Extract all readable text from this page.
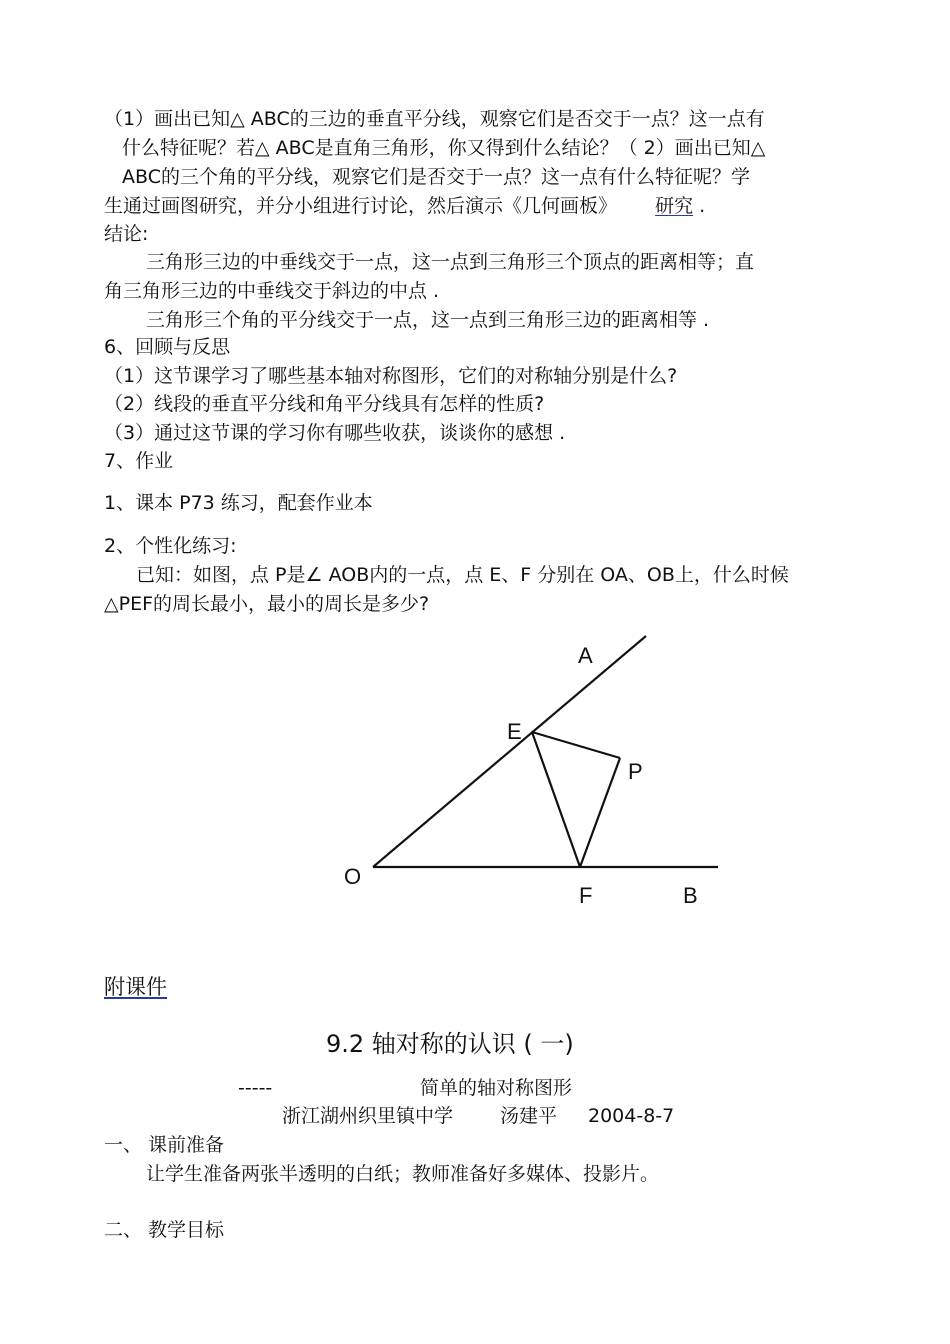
（1）画出已知△ ABC的三边的垂直平分线，观察它们是否交于一点？这一点有
什么特征呢？若△ ABC是直角三角形，你又得到什么结论？（ 2）画出已知△
ABC的三个角的平分线，观察它们是否交于一点？这一点有什么特征呢？学
生通过画图研究，并分小组进行讨论，然后演示《几何画板》 研究 .
结论:
三角形三边的中垂线交于一点，这一点到三角形三个顶点的距离相等；直
角三角形三边的中垂线交于斜边的中点 .
三角形三个角的平分线交于一点，这一点到三角形三边的距离相等 .
6、回顾与反思
（1）这节课学习了哪些基本轴对称图形，它们的对称轴分别是什么?
（2）线段的垂直平分线和角平分线具有怎样的性质?
（3）通过这节课的学习你有哪些收获，谈谈你的感想 .
7、作业
1、课本 P73 练习，配套作业本
2、个性化练习:
已知：如图，点 P是∠ AOB内的一点，点 E、F 分别在 OA、OB上，什么时候
△PEF的周长最小，最小的周长是多少?
A
E
P
O
F	B
附课件
9.2 轴对称的认识 ( 一)
-----	简单的轴对称图形
浙江湖州织里镇中学 汤建平 2004-8-7
一、 课前准备
让学生准备两张半透明的白纸；教师准备好多媒体、投影片。
二、 教学目标
